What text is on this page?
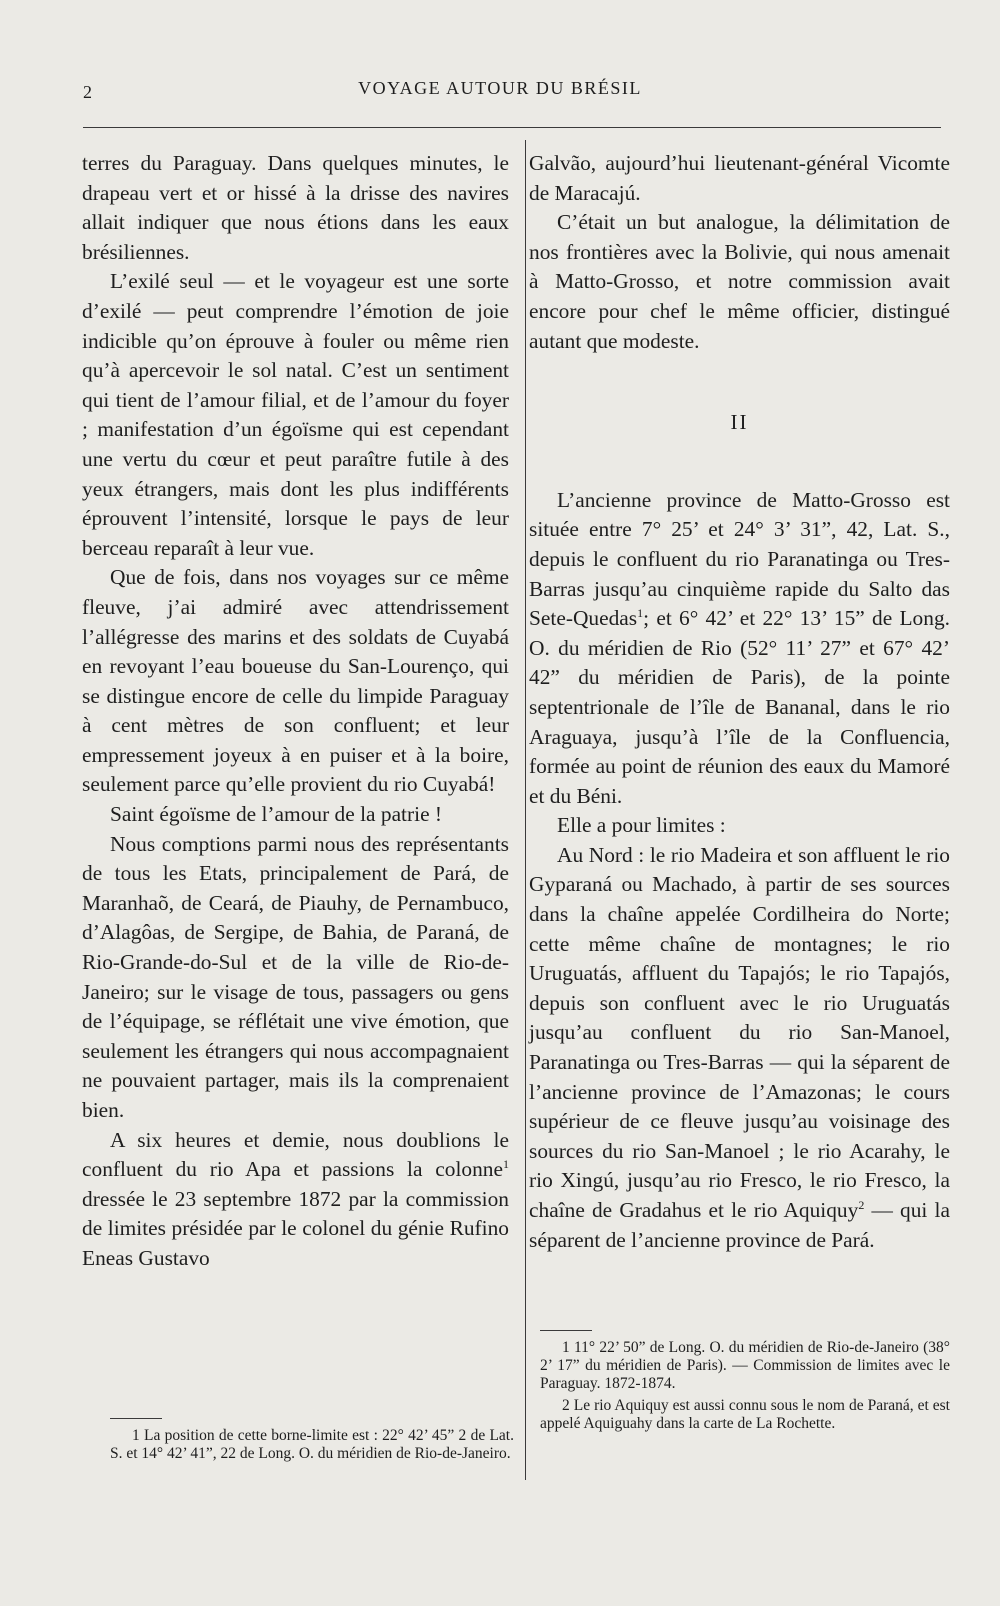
2	VOYAGE AUTOUR DU BRÉSIL

terres du Paraguay. Dans quelques minutes, le drapeau vert et or hissé à la drisse des navires allait indiquer que nous étions dans les eaux brésiliennes.

L’exilé seul — et le voyageur est une sorte d’exilé — peut comprendre l’émotion de joie indicible qu’on éprouve à fouler ou même rien qu’à apercevoir le sol natal. C’est un sentiment qui tient de l’amour filial, et de l’amour du foyer ; manifestation d’un égoïsme qui est cependant une vertu du cœur et peut paraître futile à des yeux étrangers, mais dont les plus indifférents éprouvent l’intensité, lorsque le pays de leur berceau reparaît à leur vue.

Que de fois, dans nos voyages sur ce même fleuve, j’ai admiré avec attendrissement l’allégresse des marins et des soldats de Cuyabá en revoyant l’eau boueuse du San-Lourenço, qui se distingue encore de celle du limpide Paraguay à cent mètres de son confluent; et leur empressement joyeux à en puiser et à la boire, seulement parce qu’elle provient du rio Cuyabá!

Saint égoïsme de l’amour de la patrie !

Nous comptions parmi nous des représentants de tous les Etats, principalement de Pará, de Maranhaõ, de Ceará, de Piauhy, de Pernambuco, d’Alagôas, de Sergipe, de Bahia, de Paraná, de Rio-Grande-do-Sul et de la ville de Rio-de-Janeiro; sur le visage de tous, passagers ou gens de l’équipage, se réflétait une vive émotion, que seulement les étrangers qui nous accompagnaient ne pouvaient partager, mais ils la comprenaient bien.

A six heures et demie, nous doublions le confluent du rio Apa et passions la colonne$^1$ dressée le 23 septembre 1872 par la commission de limites présidée par le colonel du génie Rufino Eneas Gustavo

1 La position de cette borne-limite est : 22° 42’ 45” 2 de Lat. S. et 14° 42’ 41”, 22 de Long. O. du méridien de Rio-de-Janeiro.

Galvão, aujourd’hui lieutenant-général Vicomte de Maracajú.

C’était un but analogue, la délimitation de nos frontières avec la Bolivie, qui nous amenait à Matto-Grosso, et notre commission avait encore pour chef le même officier, distingué autant que modeste.

II

L’ancienne province de Matto-Grosso est située entre 7° 25’ et 24° 3’ 31”, 42, Lat. S., depuis le confluent du rio Paranatinga ou Tres-Barras jusqu’au cinquième rapide du Salto das Sete-Quedas$^1$; et 6° 42’ et 22° 13’ 15” de Long. O. du méridien de Rio (52° 11’ 27” et 67° 42’ 42” du méridien de Paris), de la pointe septentrionale de l’île de Bananal, dans le rio Araguaya, jusqu’à l’île de la Confluencia, formée au point de réunion des eaux du Mamoré et du Béni.

Elle a pour limites :

Au Nord : le rio Madeira et son affluent le rio Gyparaná ou Machado, à partir de ses sources dans la chaîne appelée Cordilheira do Norte; cette même chaîne de montagnes; le rio Uruguatás, affluent du Tapajós; le rio Tapajós, depuis son confluent avec le rio Uruguatás jusqu’au confluent du rio San-Manoel, Paranatinga ou Tres-Barras — qui la séparent de l’ancienne province de l’Amazonas; le cours supérieur de ce fleuve jusqu’au voisinage des sources du rio San-Manoel ; le rio Acarahy, le rio Xingú, jusqu’au rio Fresco, le rio Fresco, la chaîne de Gradahus et le rio Aquiquy$^2$ — qui la séparent de l’ancienne province de Pará.

1 11° 22’ 50” de Long. O. du méridien de Rio-de-Janeiro (38° 2’ 17” du méridien de Paris). — Commission de limites avec le Paraguay. 1872-1874.

2 Le rio Aquiquy est aussi connu sous le nom de Paraná, et est appelé Aquiguahy dans la carte de La Rochette.
